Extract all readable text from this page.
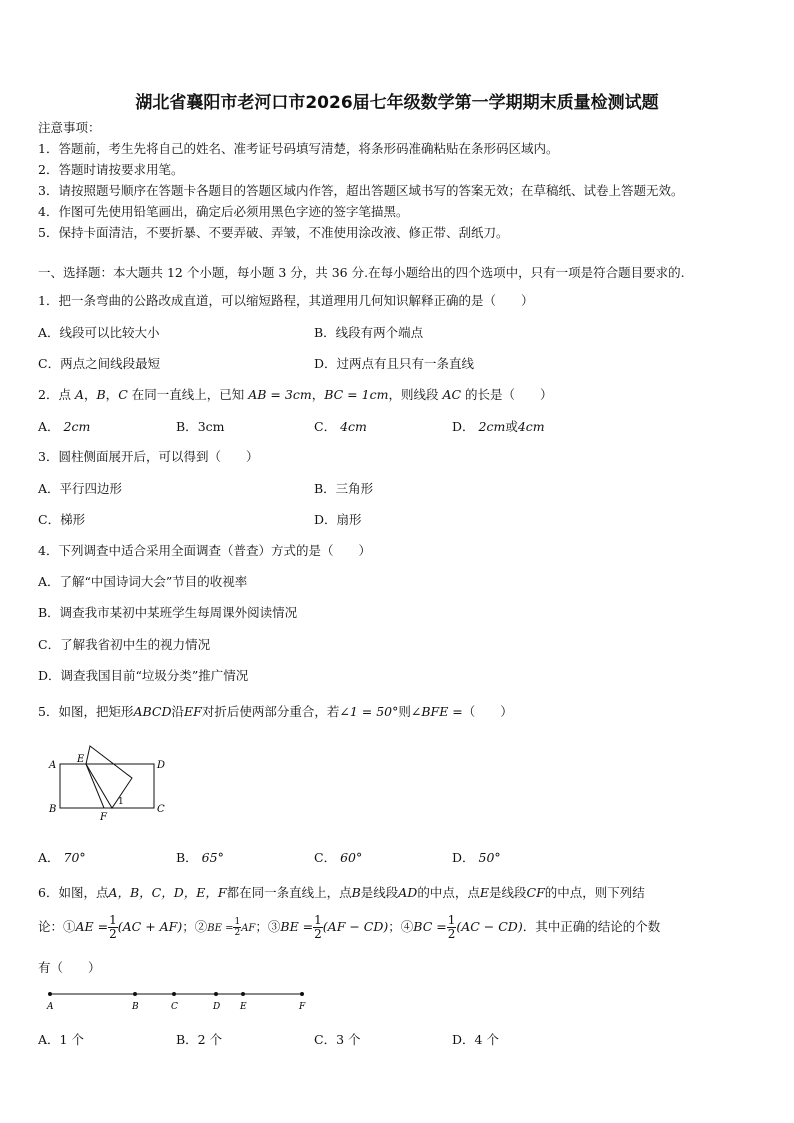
湖北省襄阳市老河口市2026届七年级数学第一学期期末质量检测试题
注意事项：
1．答题前，考生先将自己的姓名、准考证号码填写清楚，将条形码准确粘贴在条形码区域内。
2．答题时请按要求用笔。
3．请按照题号顺序在答题卡各题目的答题区域内作答，超出答题区域书写的答案无效；在草稿纸、试卷上答题无效。
4．作图可先使用铅笔画出，确定后必须用黑色字迹的签字笔描黑。
5．保持卡面清洁，不要折暴、不要弄破、弄皱，不准使用涂改液、修正带、刮纸刀。
一、选择题：本大题共 12 个小题，每小题 3 分，共 36 分.在每小题给出的四个选项中，只有一项是符合题目要求的.
1．把一条弯曲的公路改成直道，可以缩短路程，其道理用几何知识解释正确的是（　　）
A．线段可以比较大小	B．线段有两个端点
C．两点之间线段最短	D．过两点有且只有一条直线
2．点 A，B，C 在同一直线上，已知 AB = 3cm，BC = 1cm，则线段 AC 的长是（　　）
A． 2cm	B．3cm	C． 4cm	D． 2cm或4cm
3．圆柱侧面展开后，可以得到（　　）
A．平行四边形	B．三角形
C．梯形	D．扇形
4．下列调查中适合采用全面调查（普查）方式的是（　　）
A．了解“中国诗词大会”节目的收视率
B．调查我市某初中某班学生每周课外阅读情况
C．了解我省初中生的视力情况
D．调查我国目前“垃圾分类”推广情况
5．如图，把矩形ABCD沿EF对折后使两部分重合，若∠1 = 50°则∠BFE =（　　）
A
B	C
D
E
F
1
A． 70°	B． 65°	C． 60°	D． 50°
6．如图，点A，B，C，D，E，F都在同一条直线上，点B是线段AD的中点，点E是线段CF的中点，则下列结
论：①AE = $\frac{1}{2} (AC + AF)$；②BE = $\frac{1}{2}$ AF；③BE = $\frac{1}{2} (AF - CD)$；④BC = $\frac{1}{2} (AC - CD)$．其中正确的结论的个数
有（　　）
A	B	C	D E	F
A．1 个	B．2 个	C．3 个	D．4 个
